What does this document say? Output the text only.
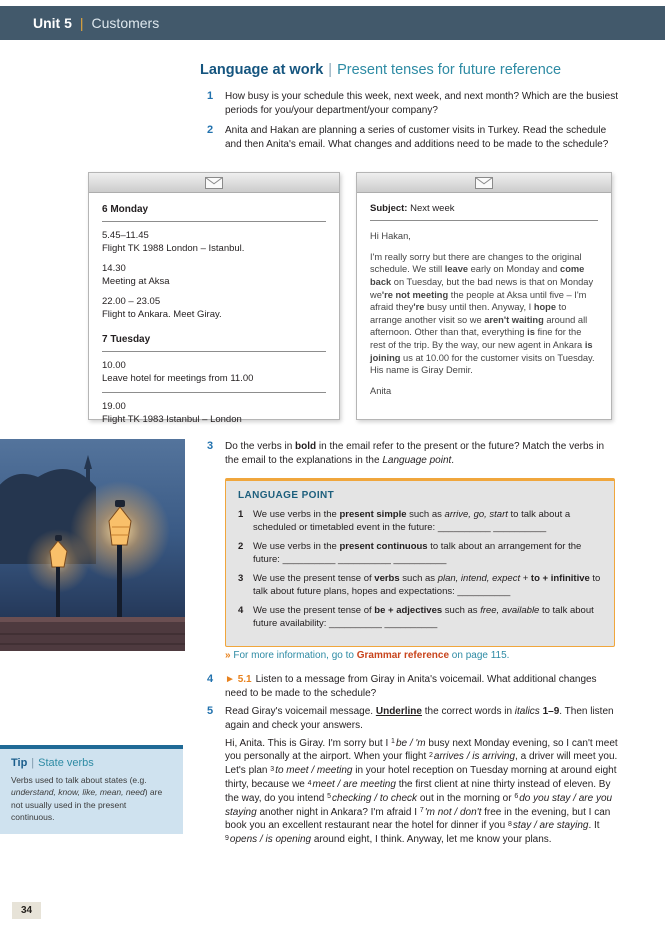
Unit 5 | Customers
Language at work | Present tenses for future reference
1	How busy is your schedule this week, next week, and next month? Which are the busiest periods for you/your department/your company?
2	Anita and Hakan are planning a series of customer visits in Turkey. Read the schedule and then Anita's email. What changes and additions need to be made to the schedule?
6 Monday
5.45–11.45
Flight TK 1988 London – Istanbul.
14.30
Meeting at Aksa
22.00 – 23.05
Flight to Ankara. Meet Giray.
7 Tuesday
10.00
Leave hotel for meetings from 11.00
19.00
Flight TK 1983 Istanbul – London
Subject: Next week
Hi Hakan,
I'm really sorry but there are changes to the original schedule. We still leave early on Monday and come back on Tuesday, but the bad news is that on Monday we're not meeting the people at Aksa until five – I'm afraid they're busy until then. Anyway, I hope to arrange another visit so we aren't waiting around all afternoon. Other than that, everything is fine for the rest of the trip. By the way, our new agent in Ankara is joining us at 10.00 for the customer visits on Tuesday. His name is Giray Demir.
Anita
3	Do the verbs in bold in the email refer to the present or the future? Match the verbs in the email to the explanations in the Language point.
LANGUAGE POINT
1	We use verbs in the present simple such as arrive, go, start to talk about a scheduled or timetabled event in the future: __________ __________
2	We use verbs in the present continuous to talk about an arrangement for the future: __________ __________ __________
3	We use the present tense of verbs such as plan, intend, expect + to + infinitive to talk about future plans, hopes and expectations: __________
4	We use the present tense of be + adjectives such as free, available to talk about future availability: __________ __________
» For more information, go to Grammar reference on page 115.
4	► 5.1 Listen to a message from Giray in Anita's voicemail. What additional changes need to be made to the schedule?
5	Read Giray's voicemail message. Underline the correct words in italics 1–9. Then listen again and check your answers.
Hi, Anita. This is Giray. I'm sorry but I $^1$be / 'm busy next Monday evening, so I can't meet you personally at the airport. When your flight $^2$arrives / is arriving, a driver will meet you. Let's plan $^3$to meet / meeting in your hotel reception on Tuesday morning at around eight thirty, because we $^4$meet / are meeting the first client at nine thirty instead of eleven. By the way, do you intend $^5$checking / to check out in the morning or $^6$do you stay / are you staying another night in Ankara? I'm afraid I $^7$'m not / don't free in the evening, but I can book you an excellent restaurant near the hotel for dinner if you $^8$stay / are staying. It $^9$opens / is opening around eight, I think. Anyway, let me know your plans.
Tip | State verbs
Verbs used to talk about states (e.g. understand, know, like, mean, need) are not usually used in the present continuous.
34
